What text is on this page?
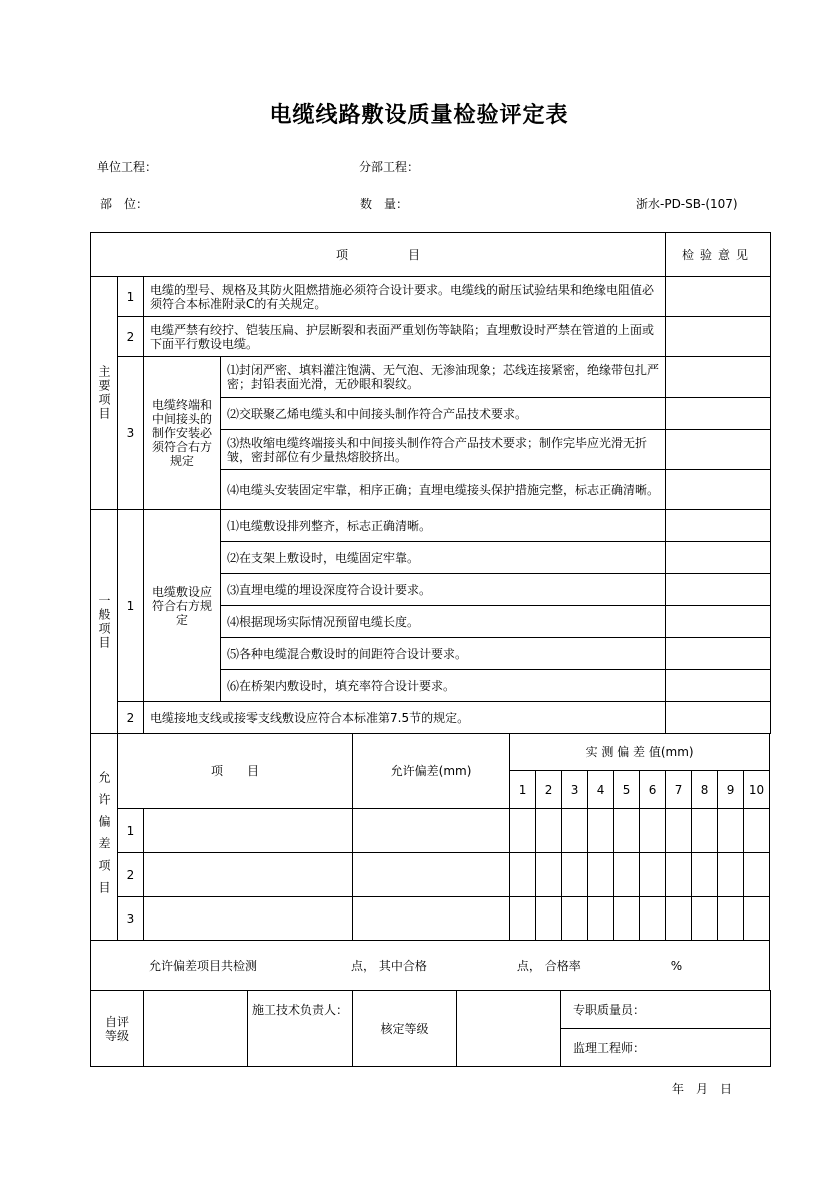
电缆线路敷设质量检验评定表
单位工程：	分部工程：
部　位：	数　量：	浙水-PD-SB-(107)
项　　　　　目				检验意见
主要项目	1	电缆的型号、规格及其防火阻燃措施必须符合设计要求。电缆线的耐压试验结果和绝缘电阻值必须符合本标准附录C的有关规定。		
	2	电缆严禁有绞拧、铠装压扁、护层断裂和表面严重划伤等缺陷；直埋敷设时严禁在管道的上面或下面平行敷设电缆。		
	3	电缆终端和中间接头的制作安装必须符合右方规定	⑴封闭严密、填料灌注饱满、无气泡、无渗油现象；芯线连接紧密，绝缘带包扎严密；封铅表面光滑，无砂眼和裂纹。	
			⑵交联聚乙烯电缆头和中间接头制作符合产品技术要求。	
			⑶热收缩电缆终端接头和中间接头制作符合产品技术要求；制作完毕应光滑无折皱，密封部位有少量热熔胶挤出。	
			⑷电缆头安装固定牢靠，相序正确；直埋电缆接头保护措施完整，标志正确清晰。	
一般项目	1	电缆敷设应符合右方规定	⑴电缆敷设排列整齐，标志正确清晰。	
			⑵在支架上敷设时，电缆固定牢靠。	
			⑶直埋电缆的埋设深度符合设计要求。	
			⑷根据现场实际情况预留电缆长度。	
			⑸各种电缆混合敷设时的间距符合设计要求。	
			⑹在桥架内敷设时，填充率符合设计要求。	
	2	电缆接地支线或接零支线敷设应符合本标准第7.5节的规定。		
允许偏差项目	项　　目		允许偏差(mm)	实 测 偏 差 值(mm)									
				1	2	3	4	5	6	7	8	9	10
	1												
	2												
	3												
允许偏差项目共检测 点， 其中合格 点， 合格率 %													
自评等级		施工技术负责人：	核定等级		专职质量员：
监理工程师：
年　月　日
